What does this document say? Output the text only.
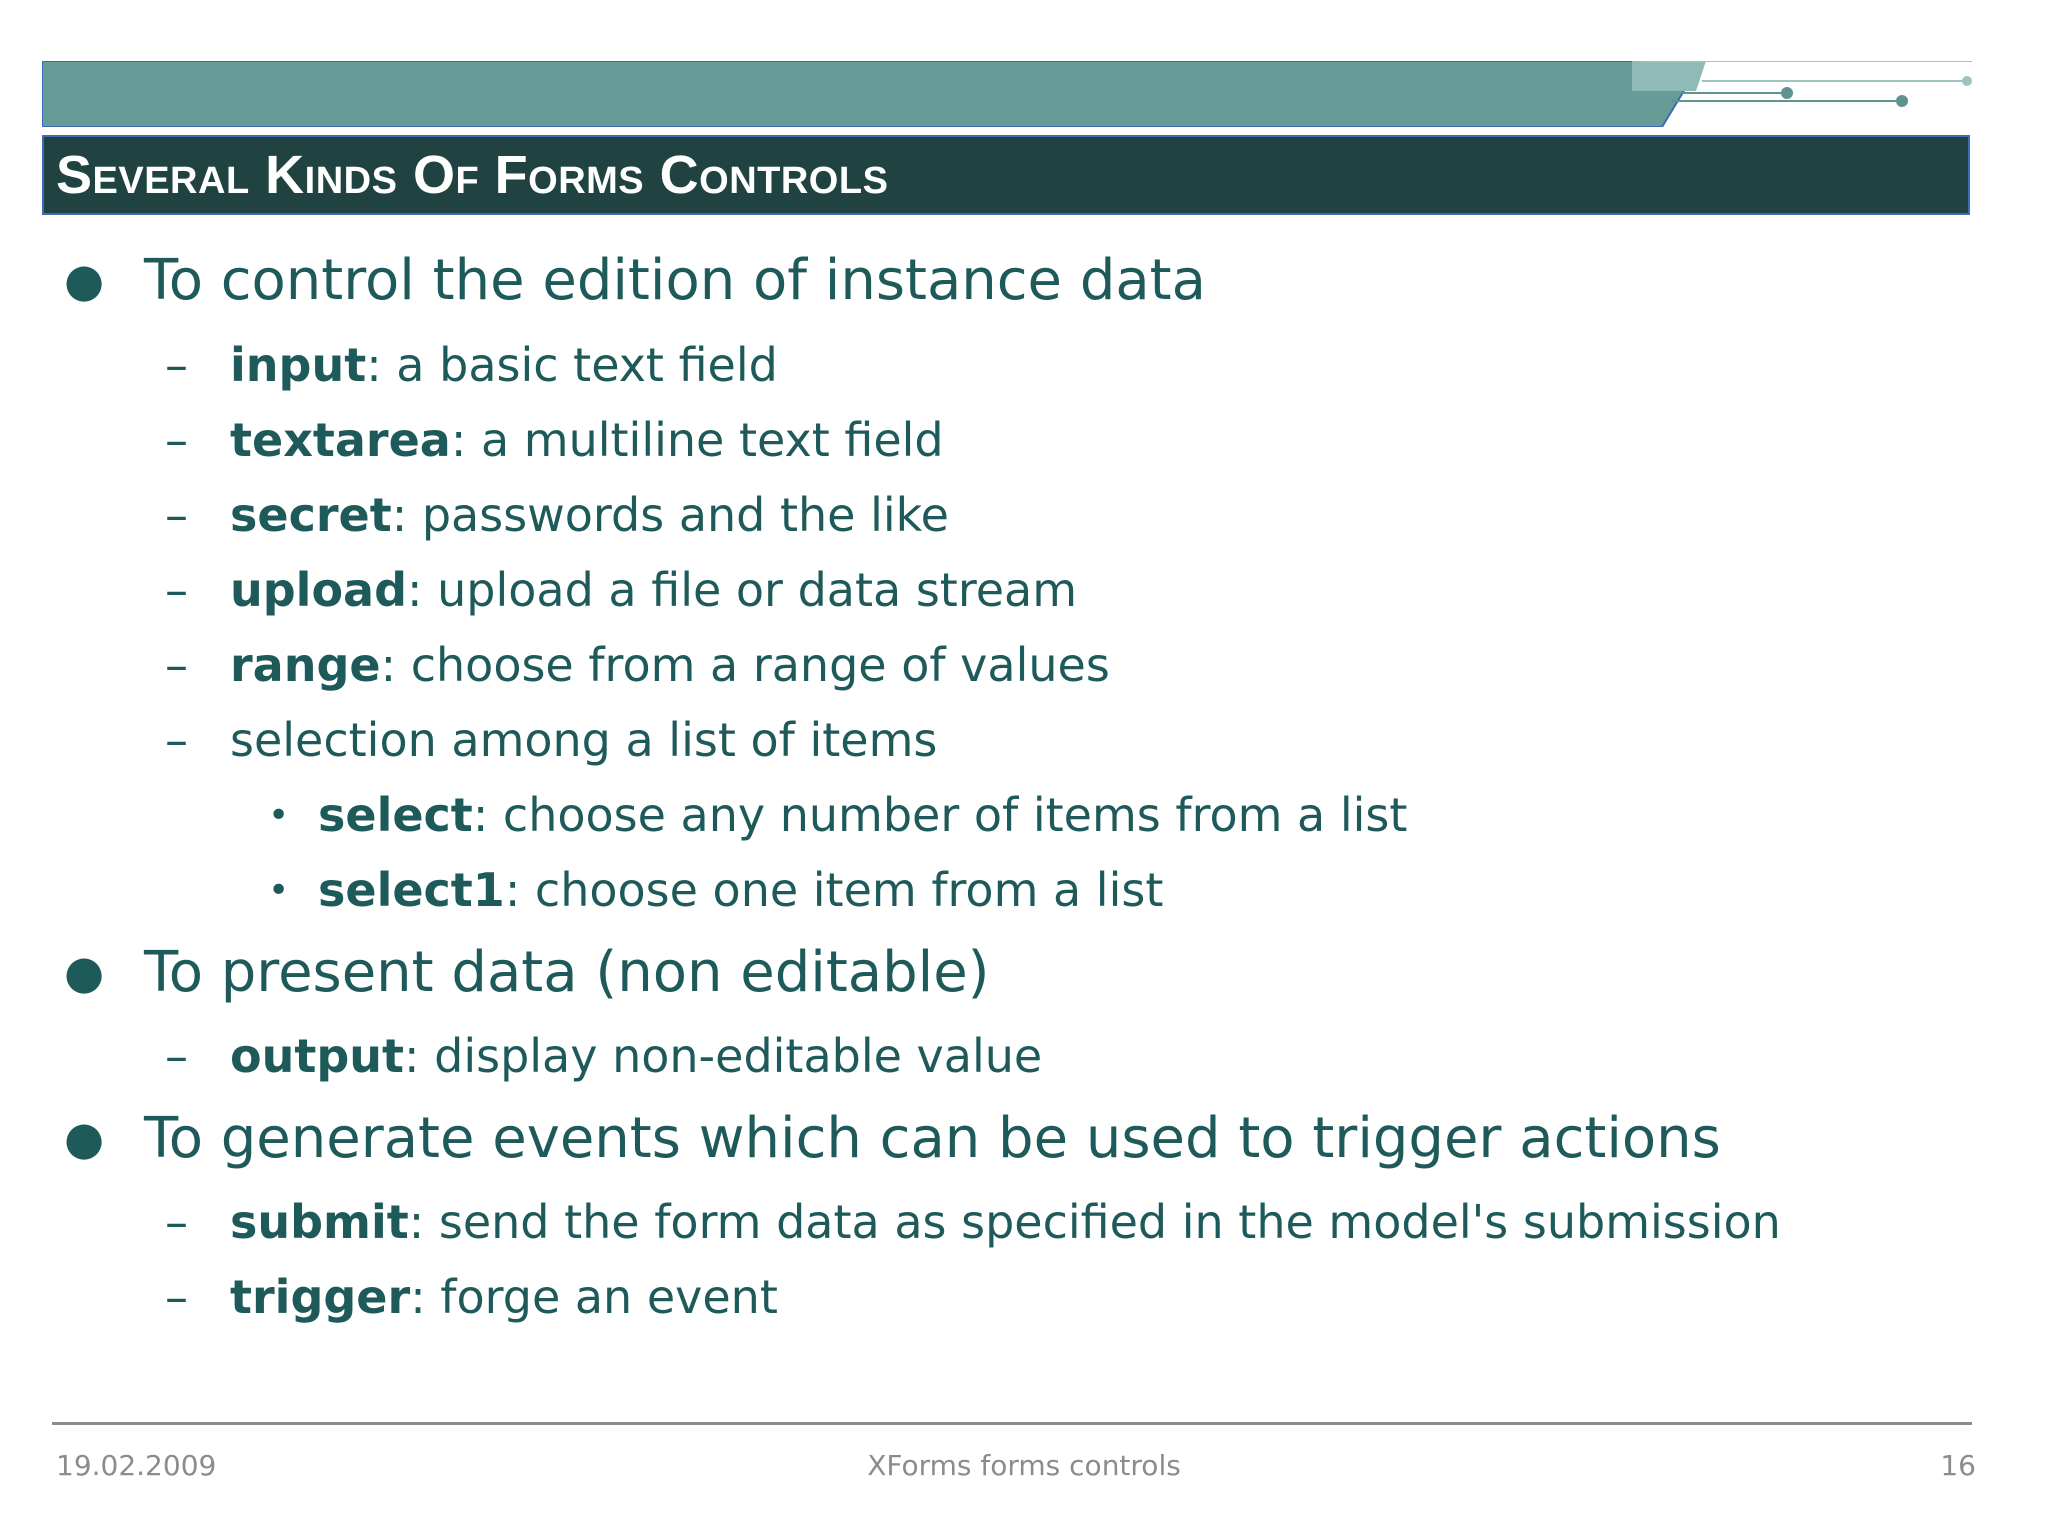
Several Kinds Of Forms Controls
● To control the edition of instance data
– input : a basic text field
– textarea : a multiline text field
– secret : passwords and the like
– upload : upload a file or data stream
– range : choose from a range of values
– selection among a list of items
• select : choose any number of items from a list
• select1 : choose one item from a list
● To present data (non editable)
– output : display non-editable value
● To generate events which can be used to trigger actions
– submit : send the form data as specified in the model's submission
– trigger : forge an event
19.02.2009	XForms forms controls	16
